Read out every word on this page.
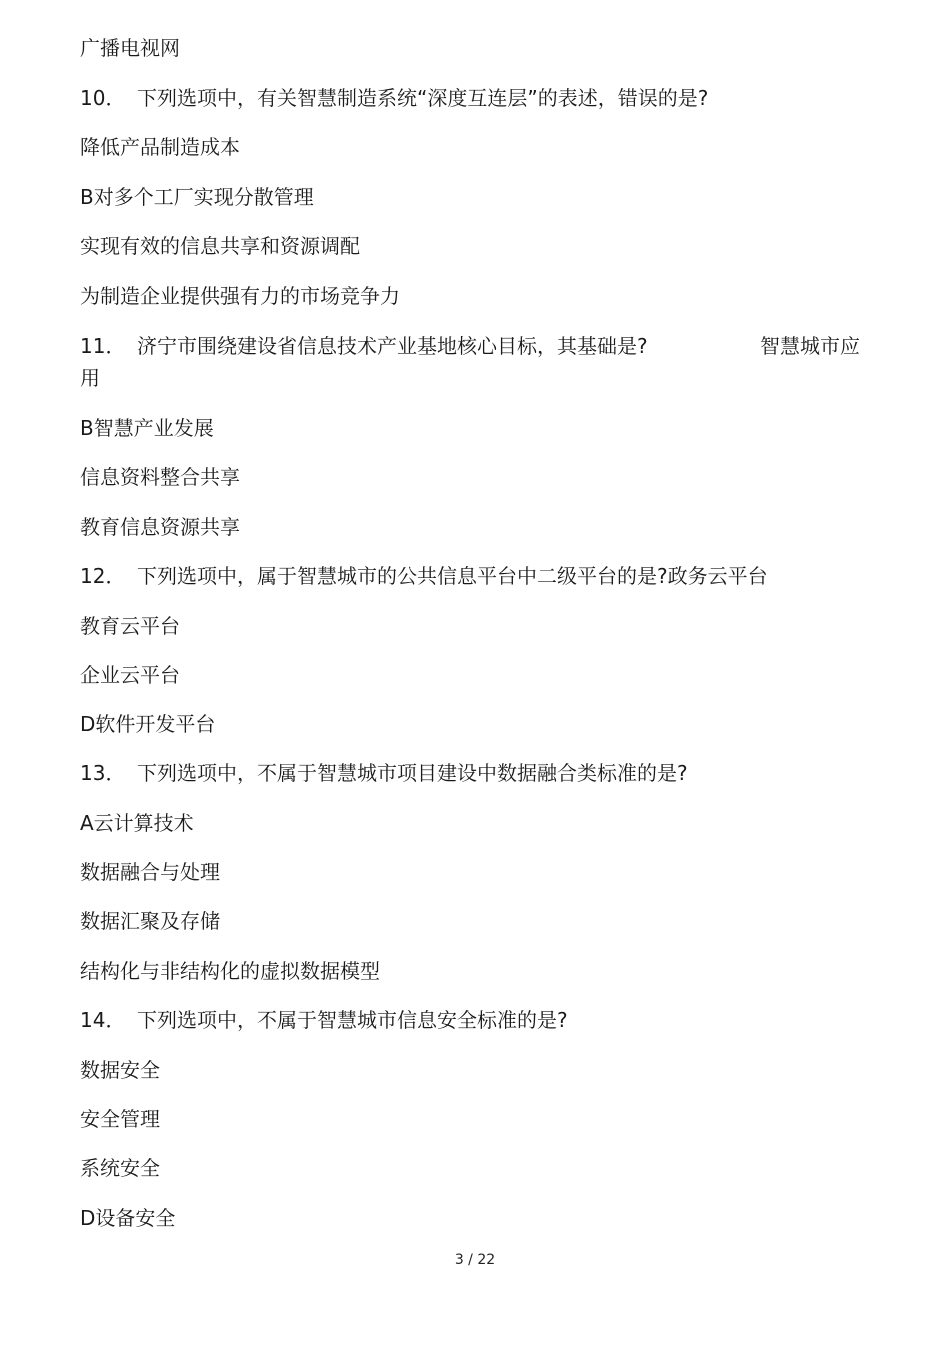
广播电视网
10． 下列选项中，有关智慧制造系统“深度互连层”的表述，错误的是?
降低产品制造成本
B对多个工厂实现分散管理
实现有效的信息共享和资源调配
为制造企业提供强有力的市场竞争力
11． 济宁市围绕建设省信息技术产业基地核心目标，其基础是?	智慧城市应
用
B智慧产业发展
信息资料整合共享
教育信息资源共享
12． 下列选项中，属于智慧城市的公共信息平台中二级平台的是?政务云平台
教育云平台
企业云平台
D软件开发平台
13． 下列选项中，不属于智慧城市项目建设中数据融合类标准的是?
A云计算技术
数据融合与处理
数据汇聚及存储
结构化与非结构化的虚拟数据模型
14． 下列选项中，不属于智慧城市信息安全标准的是?
数据安全
安全管理
系统安全
D设备安全
3 / 22
